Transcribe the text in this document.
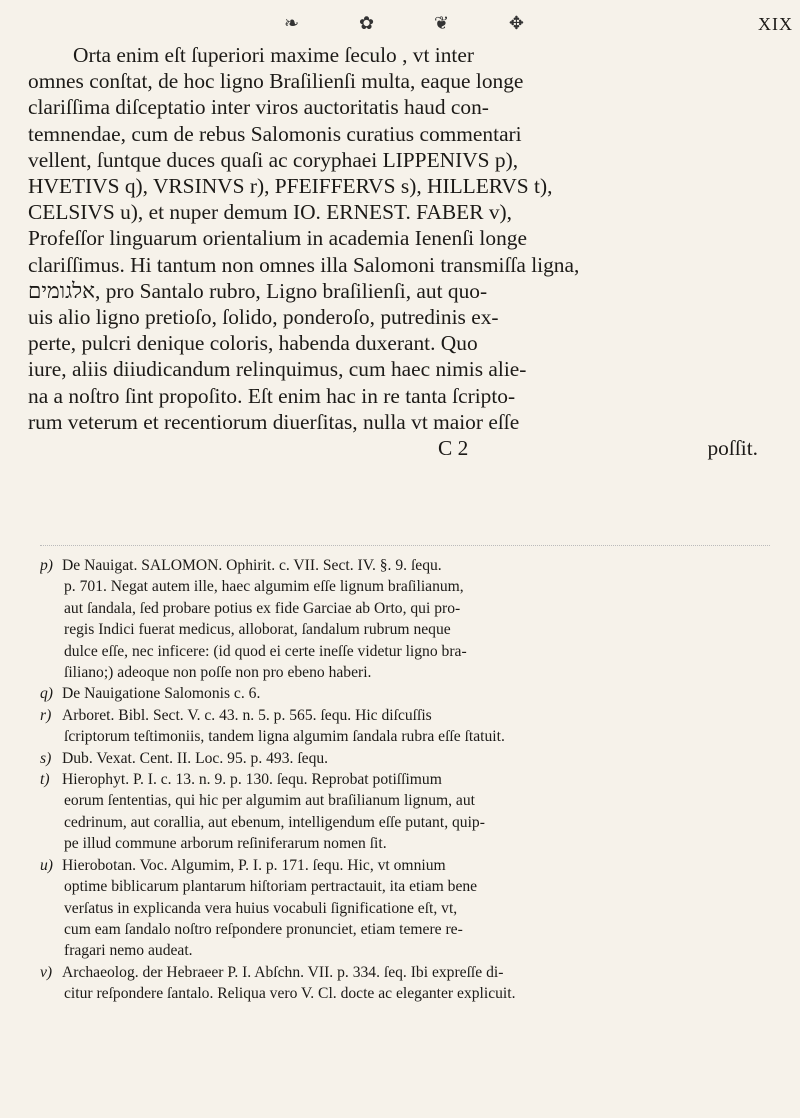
❧	✿	❦	✥	XIX
Orta enim eſt ſuperiori maxime ſeculo , vt inter
omnes conſtat, de hoc ligno Braſilienſi multa, eaque longe
clariſſima diſceptatio inter viros auctoritatis haud con-
temnendae, cum de rebus Salomonis curatius commentari
vellent, ſuntque duces quaſi ac coryphaei LIPPENIVS p),
HVETIVS q), VRSINVS r), PFEIFFERVS s), HILLERVS t),
CELSIVS u), et nuper demum IO. ERNEST. FABER v),
Profeſſor linguarum orientalium in academia Ienenſi longe
clariſſimus. Hi tantum non omnes illa Salomoni transmiſſa ligna,
אלגומים, pro Santalo rubro, Ligno braſilienſi, aut quo-
uis alio ligno pretioſo, ſolido, ponderoſo, putredinis ex-
perte, pulcri denique coloris, habenda duxerant. Quo
iure, aliis diiudicandum relinquimus, cum haec nimis alie-
na a noſtro ſint propoſito. Eſt enim hac in re tanta ſcripto-
rum veterum et recentiorum diuerſitas, nulla vt maior eſſe
C 2	poſſit.
p) De Nauigat. SALOMON. Ophirit. c. VII. Sect. IV. §. 9. ſequ.
p. 701. Negat autem ille, haec algumim eſſe lignum braſilianum,
aut ſandala, ſed probare potius ex fide Garciae ab Orto, qui pro-
regis Indici fuerat medicus, alloborat, ſandalum rubrum neque
dulce eſſe, nec inficere: (id quod ei certe ineſſe videtur ligno bra-
ſiliano;) adeoque non poſſe non pro ebeno haberi.
q) De Nauigatione Salomonis c. 6.
r) Arboret. Bibl. Sect. V. c. 43. n. 5. p. 565. ſequ. Hic diſcuſſis
ſcriptorum teſtimoniis, tandem ligna algumim ſandala rubra eſſe ſtatuit.
s) Dub. Vexat. Cent. II. Loc. 95. p. 493. ſequ.
t) Hierophyt. P. I. c. 13. n. 9. p. 130. ſequ. Reprobat potiſſimum
eorum ſententias, qui hic per algumim aut braſilianum lignum, aut
cedrinum, aut corallia, aut ebenum, intelligendum eſſe putant, quip-
pe illud commune arborum reſiniferarum nomen ſit.
u) Hierobotan. Voc. Algumim, P. I. p. 171. ſequ. Hic, vt omnium
optime biblicarum plantarum hiſtoriam pertractauit, ita etiam bene
verſatus in explicanda vera huius vocabuli ſignificatione eſt, vt,
cum eam ſandalo noſtro reſpondere pronunciet, etiam temere re-
fragari nemo audeat.
v) Archaeolog. der Hebraeer P. I. Abſchn. VII. p. 334. ſeq. Ibi expreſſe di-
citur reſpondere ſantalo. Reliqua vero V. Cl. docte ac eleganter explicuit.
